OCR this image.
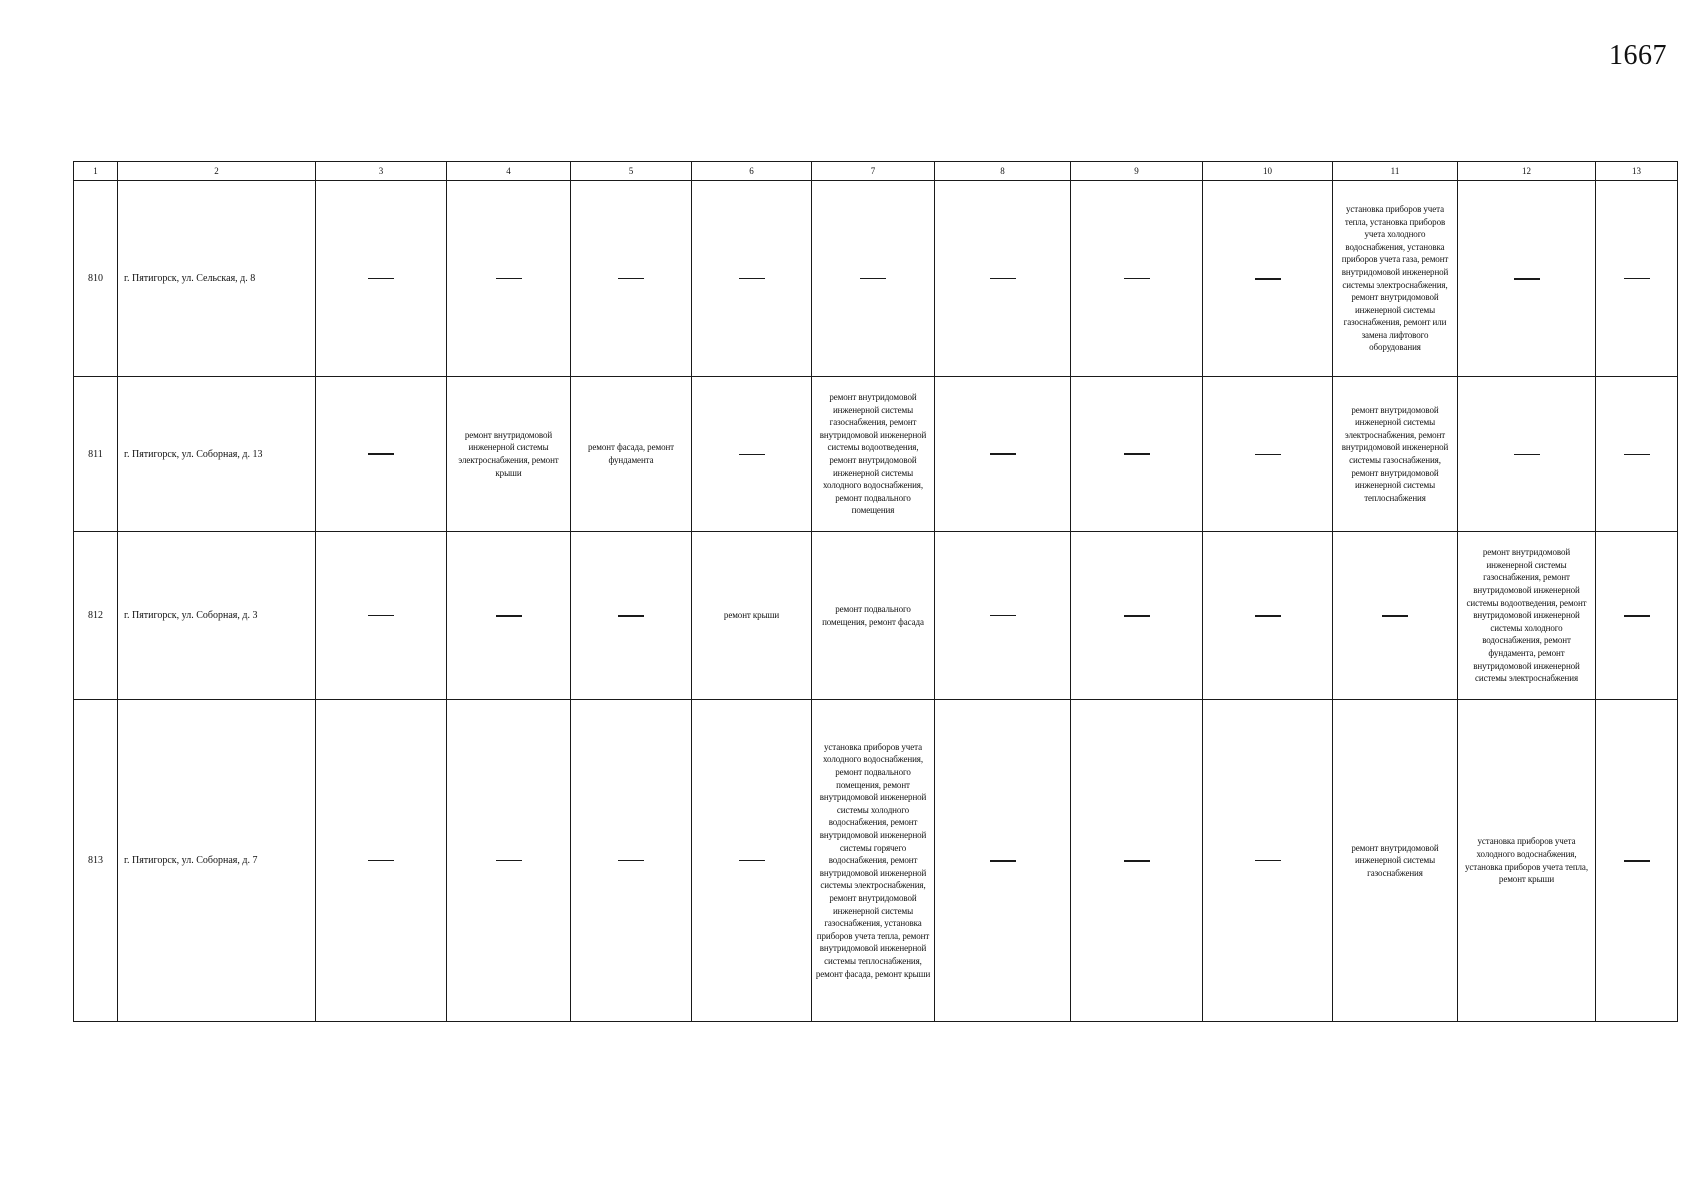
1667
1	2	3	4	5	6	7	8	9	10	11	12	13
810	г. Пятигорск, ул. Сельская, д. 8									установка приборов учета тепла, установка приборов учета холодного водоснабжения, установка приборов учета газа, ремонт внутридомовой инженерной системы электроснабжения, ремонт внутридомовой инженерной системы газоснабжения, ремонт или замена лифтового оборудования		
811	г. Пятигорск, ул. Соборная, д. 13		ремонт внутридомовой инженерной системы электроснабжения, ремонт крыши	ремонт фасада, ремонт фундамента		ремонт внутридомовой инженерной системы газоснабжения, ремонт внутридомовой инженерной системы водоотведения, ремонт внутридомовой инженерной системы холодного водоснабжения, ремонт подвального помещения				ремонт внутридомовой инженерной системы электроснабжения, ремонт внутридомовой инженерной системы газоснабжения, ремонт внутридомовой инженерной системы теплоснабжения		
812	г. Пятигорск, ул. Соборная, д. 3				ремонт крыши	ремонт подвального помещения, ремонт фасада					ремонт внутридомовой инженерной системы газоснабжения, ремонт внутридомовой инженерной системы водоотведения, ремонт внутридомовой инженерной системы холодного водоснабжения, ремонт фундамента, ремонт внутридомовой инженерной системы электроснабжения	
813	г. Пятигорск, ул. Соборная, д. 7					установка приборов учета холодного водоснабжения, ремонт подвального помещения, ремонт внутридомовой инженерной системы холодного водоснабжения, ремонт внутридомовой инженерной системы горячего водоснабжения, ремонт внутридомовой инженерной системы электроснабжения, ремонт внутридомовой инженерной системы газоснабжения, установка приборов учета тепла, ремонт внутридомовой инженерной системы теплоснабжения, ремонт фасада, ремонт крыши				ремонт внутридомовой инженерной системы газоснабжения	установка приборов учета холодного водоснабжения, установка приборов учета тепла, ремонт крыши	
